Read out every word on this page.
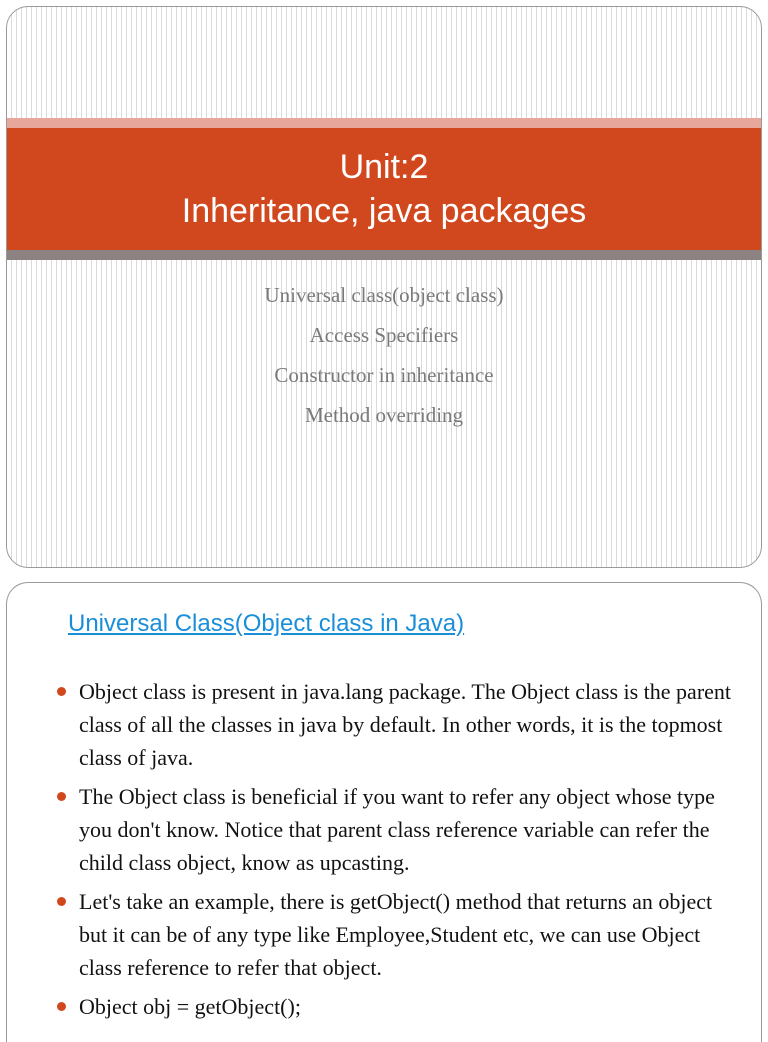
Unit:2
Inheritance, java packages
Universal class(object class)
Access Specifiers
Constructor in inheritance
Method overriding
Universal Class(Object class in Java)
Object class is present in java.lang package. The Object class is the parent class of all the classes in java by default. In other words, it is the topmost class of java.
The Object class is beneficial if you want to refer any object whose type you don't know. Notice that parent class reference variable can refer the child class object, know as upcasting.
Let's take an example, there is getObject() method that returns an object but it can be of any type like Employee,Student etc, we can use Object class reference to refer that object.
Object obj = getObject();
